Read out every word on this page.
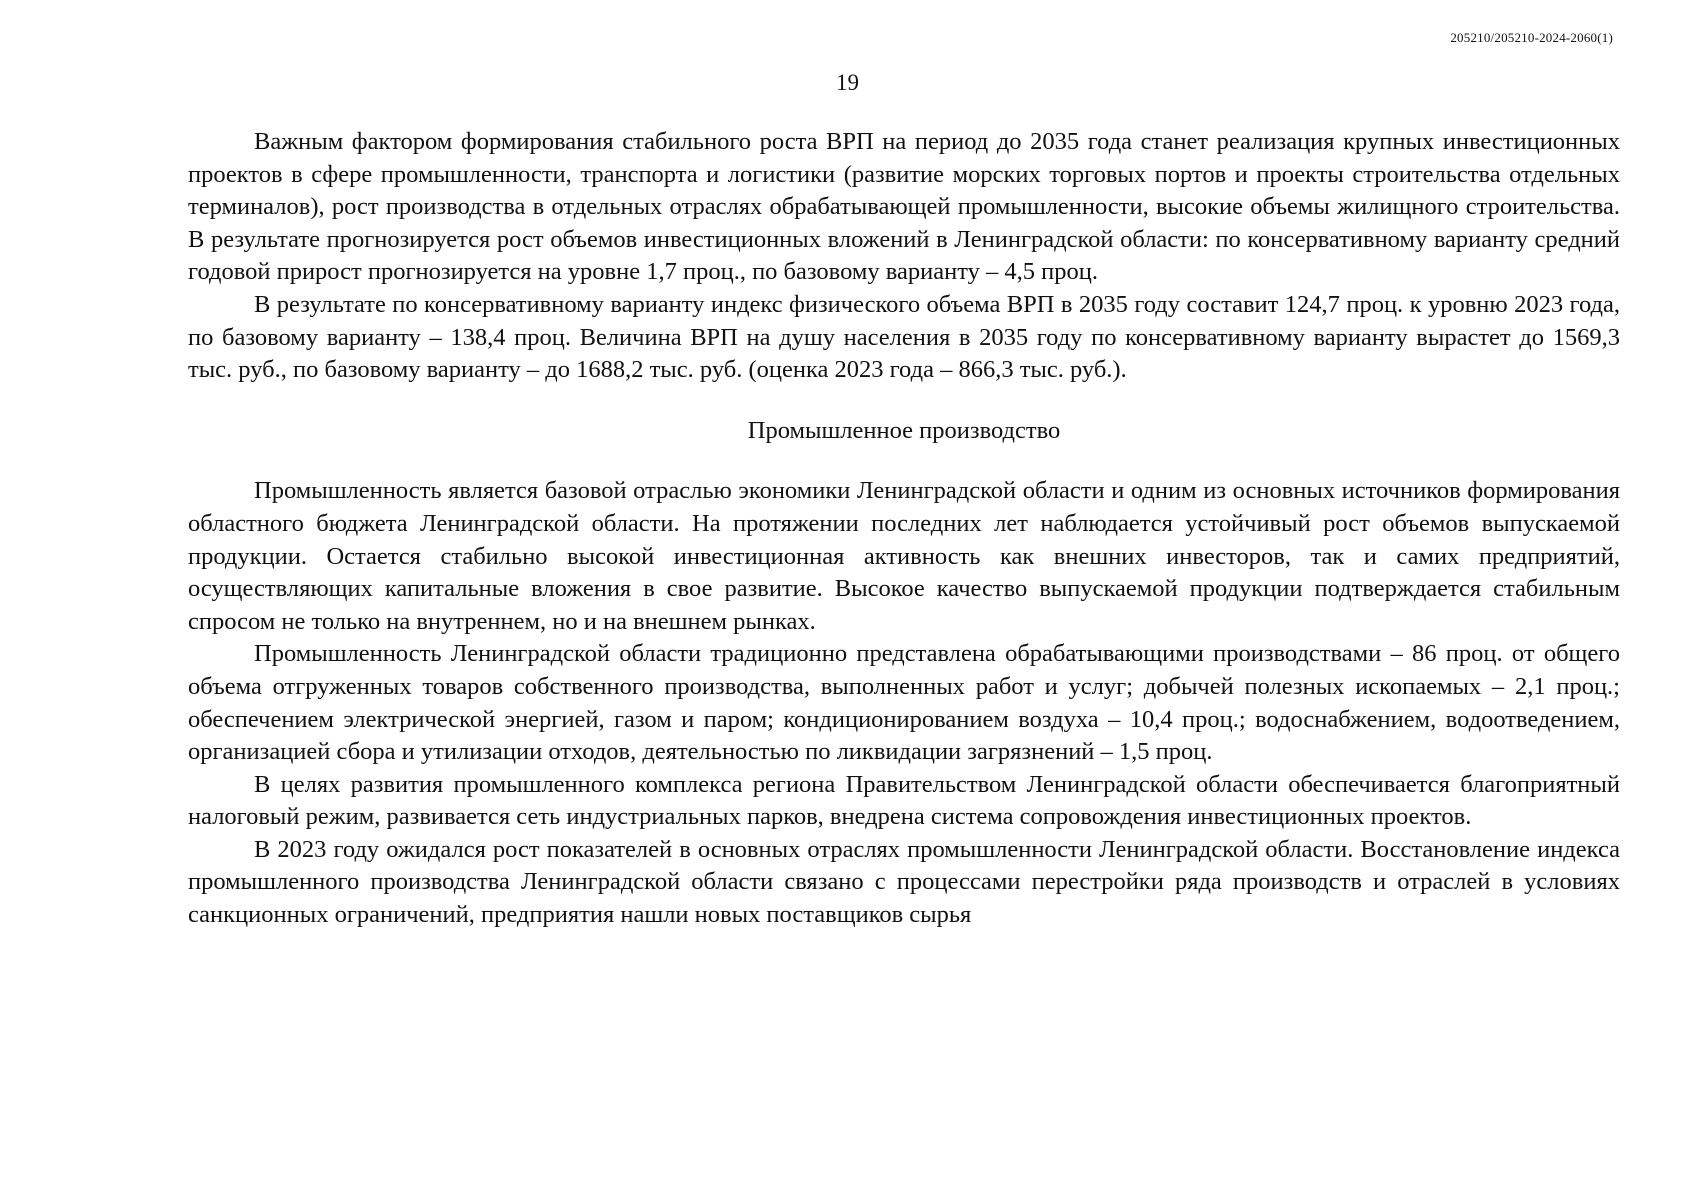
205210/205210-2024-2060(1)
19

Важным фактором формирования стабильного роста ВРП на период до 2035 года станет реализация крупных инвестиционных проектов в сфере промышленности, транспорта и логистики (развитие морских торговых портов и проекты строительства отдельных терминалов), рост производства в отдельных отраслях обрабатывающей промышленности, высокие объемы жилищного строительства. В результате прогнозируется рост объемов инвестиционных вложений в Ленинградской области: по консервативному варианту средний годовой прирост прогнозируется на уровне 1,7 проц., по базовому варианту – 4,5 проц.

В результате по консервативному варианту индекс физического объема ВРП в 2035 году составит 124,7 проц. к уровню 2023 года, по базовому варианту – 138,4 проц. Величина ВРП на душу населения в 2035 году по консервативному варианту вырастет до 1569,3 тыс. руб., по базовому варианту – до 1688,2 тыс. руб. (оценка 2023 года – 866,3 тыс. руб.).

Промышленное производство

Промышленность является базовой отраслью экономики Ленинградской области и одним из основных источников формирования областного бюджета Ленинградской области. На протяжении последних лет наблюдается устойчивый рост объемов выпускаемой продукции. Остается стабильно высокой инвестиционная активность как внешних инвесторов, так и самих предприятий, осуществляющих капитальные вложения в свое развитие. Высокое качество выпускаемой продукции подтверждается стабильным спросом не только на внутреннем, но и на внешнем рынках.

Промышленность Ленинградской области традиционно представлена обрабатывающими производствами – 86 проц. от общего объема отгруженных товаров собственного производства, выполненных работ и услуг; добычей полезных ископаемых – 2,1 проц.; обеспечением электрической энергией, газом и паром; кондиционированием воздуха – 10,4 проц.; водоснабжением, водоотведением, организацией сбора и утилизации отходов, деятельностью по ликвидации загрязнений – 1,5 проц.

В целях развития промышленного комплекса региона Правительством Ленинградской области обеспечивается благоприятный налоговый режим, развивается сеть индустриальных парков, внедрена система сопровождения инвестиционных проектов.

В 2023 году ожидался рост показателей в основных отраслях промышленности Ленинградской области. Восстановление индекса промышленного производства Ленинградской области связано с процессами перестройки ряда производств и отраслей в условиях санкционных ограничений, предприятия нашли новых поставщиков сырья
